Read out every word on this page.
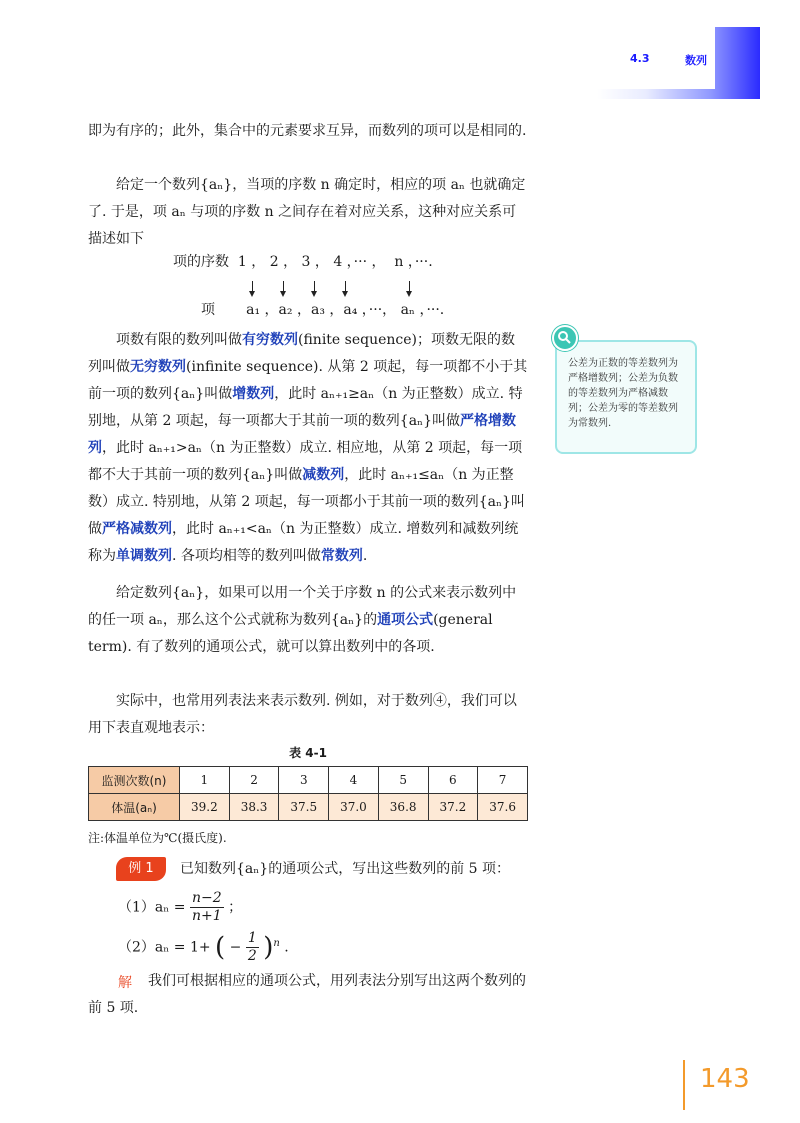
4.3	数列

即为有序的；此外，集合中的元素要求互异，而数列的项可以是相同的.

给定一个数列{aₙ}，当项的序数 n 确定时，相应的项 aₙ 也就确定了. 于是，项 aₙ 与项的序数 n 之间存在着对应关系，这种对应关系可描述如下

项的序数  1 ， 2 ， 3 ， 4 ，··· ，  n ，···.
项       a₁ ，a₂ ，a₃ ，a₄ ，···， aₙ ，···.

项数有限的数列叫做有穷数列(finite sequence)；项数无限的数列叫做无穷数列(infinite sequence). 从第 2 项起，每一项都不小于其前一项的数列{aₙ}叫做增数列，此时 aₙ₊₁≥aₙ（n 为正整数）成立. 特别地，从第 2 项起，每一项都大于其前一项的数列{aₙ}叫做严格增数列，此时 aₙ₊₁>aₙ（n 为正整数）成立. 相应地，从第 2 项起，每一项都不大于其前一项的数列{aₙ}叫做减数列，此时 aₙ₊₁≤aₙ（n 为正整数）成立. 特别地，从第 2 项起，每一项都小于其前一项的数列{aₙ}叫做严格减数列，此时 aₙ₊₁<aₙ（n 为正整数）成立. 增数列和减数列统称为单调数列. 各项均相等的数列叫做常数列.

给定数列{aₙ}，如果可以用一个关于序数 n 的公式来表示数列中的任一项 aₙ，那么这个公式就称为数列{aₙ}的通项公式(general term). 有了数列的通项公式，就可以算出数列中的各项.

实际中，也常用列表法来表示数列. 例如，对于数列④，我们可以用下表直观地表示：

公差为正数的等差数列为严格增数列；公差为负数的等差数列为严格减数列；公差为零的等差数列为常数列.
表 4-1
监测次数(n)	1	2	3	4	5	6	7
体温(aₙ)	39.2	38.3	37.5	37.0	36.8	37.2	37.6
注:体温单位为℃(摄氏度).
例 1	已知数列{aₙ}的通项公式，写出这些数列的前 5 项：
$(1)a_n = \frac{n-2}{n+1}$ ；
（2）aₙ = 1+ ( − $\frac{1}{2} )^n$ .
解	我们可根据相应的通项公式，用列表法分别写出这两个数列的前 5 项.

143
